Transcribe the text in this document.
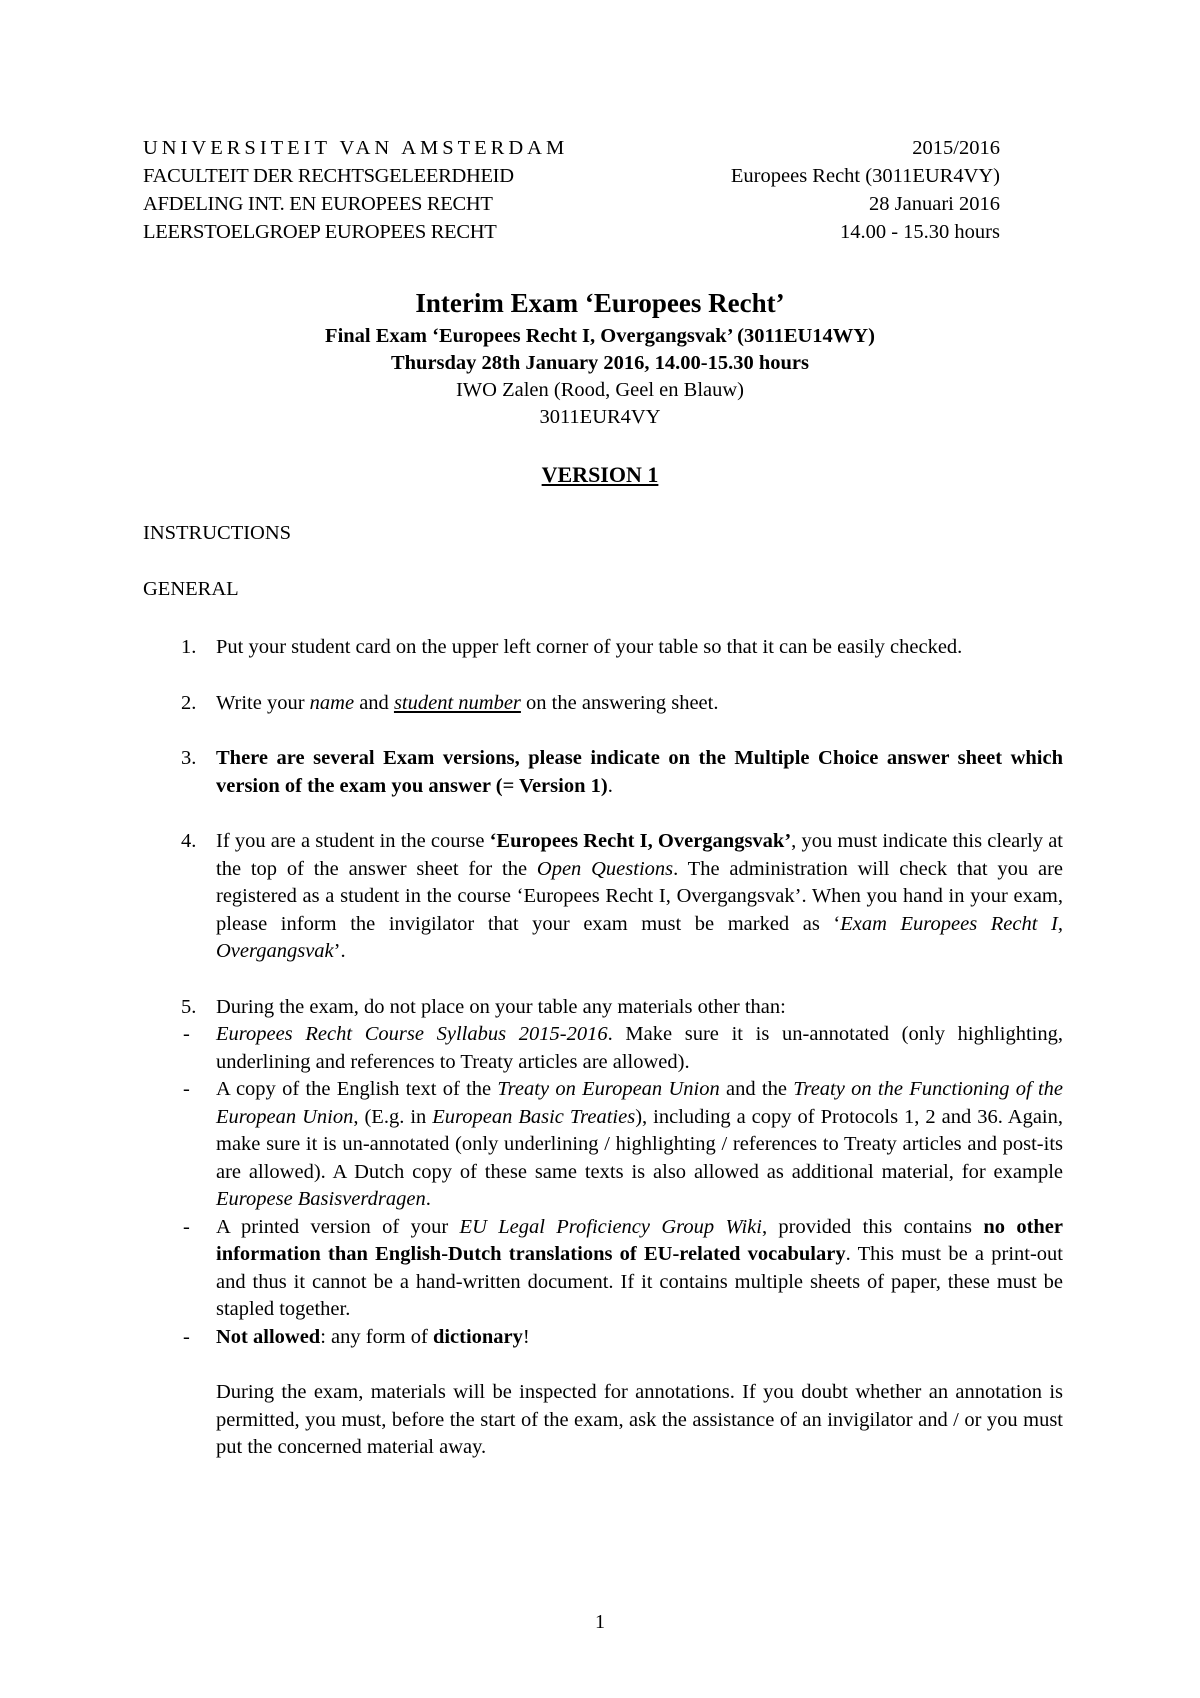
UNIVERSITEIT VAN AMSTERDAM	2015/2016
FACULTEIT DER RECHTSGELEERDHEID	Europees Recht (3011EUR4VY)
AFDELING INT. EN EUROPEES RECHT	28 Januari 2016
LEERSTOELGROEP EUROPEES RECHT	14.00 - 15.30 hours
Interim Exam ‘Europees Recht’
Final Exam ‘Europees Recht I, Overgangsvak’ (3011EU14WY)
Thursday 28th January 2016, 14.00-15.30 hours
IWO Zalen (Rood, Geel en Blauw)
3011EUR4VY
VERSION 1
INSTRUCTIONS
GENERAL
1. Put your student card on the upper left corner of your table so that it can be easily checked.
2. Write your name and student number on the answering sheet.
3. There are several Exam versions, please indicate on the Multiple Choice answer sheet which version of the exam you answer (= Version 1).
4. If you are a student in the course ‘Europees Recht I, Overgangsvak’, you must indicate this clearly at the top of the answer sheet for the Open Questions. The administration will check that you are registered as a student in the course ‘Europees Recht I, Overgangsvak’. When you hand in your exam, please inform the invigilator that your exam must be marked as ‘Exam Europees Recht I, Overgangsvak’.
5. During the exam, do not place on your table any materials other than:
- Europees Recht Course Syllabus 2015-2016. Make sure it is un-annotated (only highlighting, underlining and references to Treaty articles are allowed).
- A copy of the English text of the Treaty on European Union and the Treaty on the Functioning of the European Union, (E.g. in European Basic Treaties), including a copy of Protocols 1, 2 and 36. Again, make sure it is un-annotated (only underlining / highlighting / references to Treaty articles and post-its are allowed). A Dutch copy of these same texts is also allowed as additional material, for example Europese Basisverdragen.
- A printed version of your EU Legal Proficiency Group Wiki, provided this contains no other information than English-Dutch translations of EU-related vocabulary. This must be a print-out and thus it cannot be a hand-written document. If it contains multiple sheets of paper, these must be stapled together.
- Not allowed: any form of dictionary!
During the exam, materials will be inspected for annotations. If you doubt whether an annotation is permitted, you must, before the start of the exam, ask the assistance of an invigilator and / or you must put the concerned material away.
1
